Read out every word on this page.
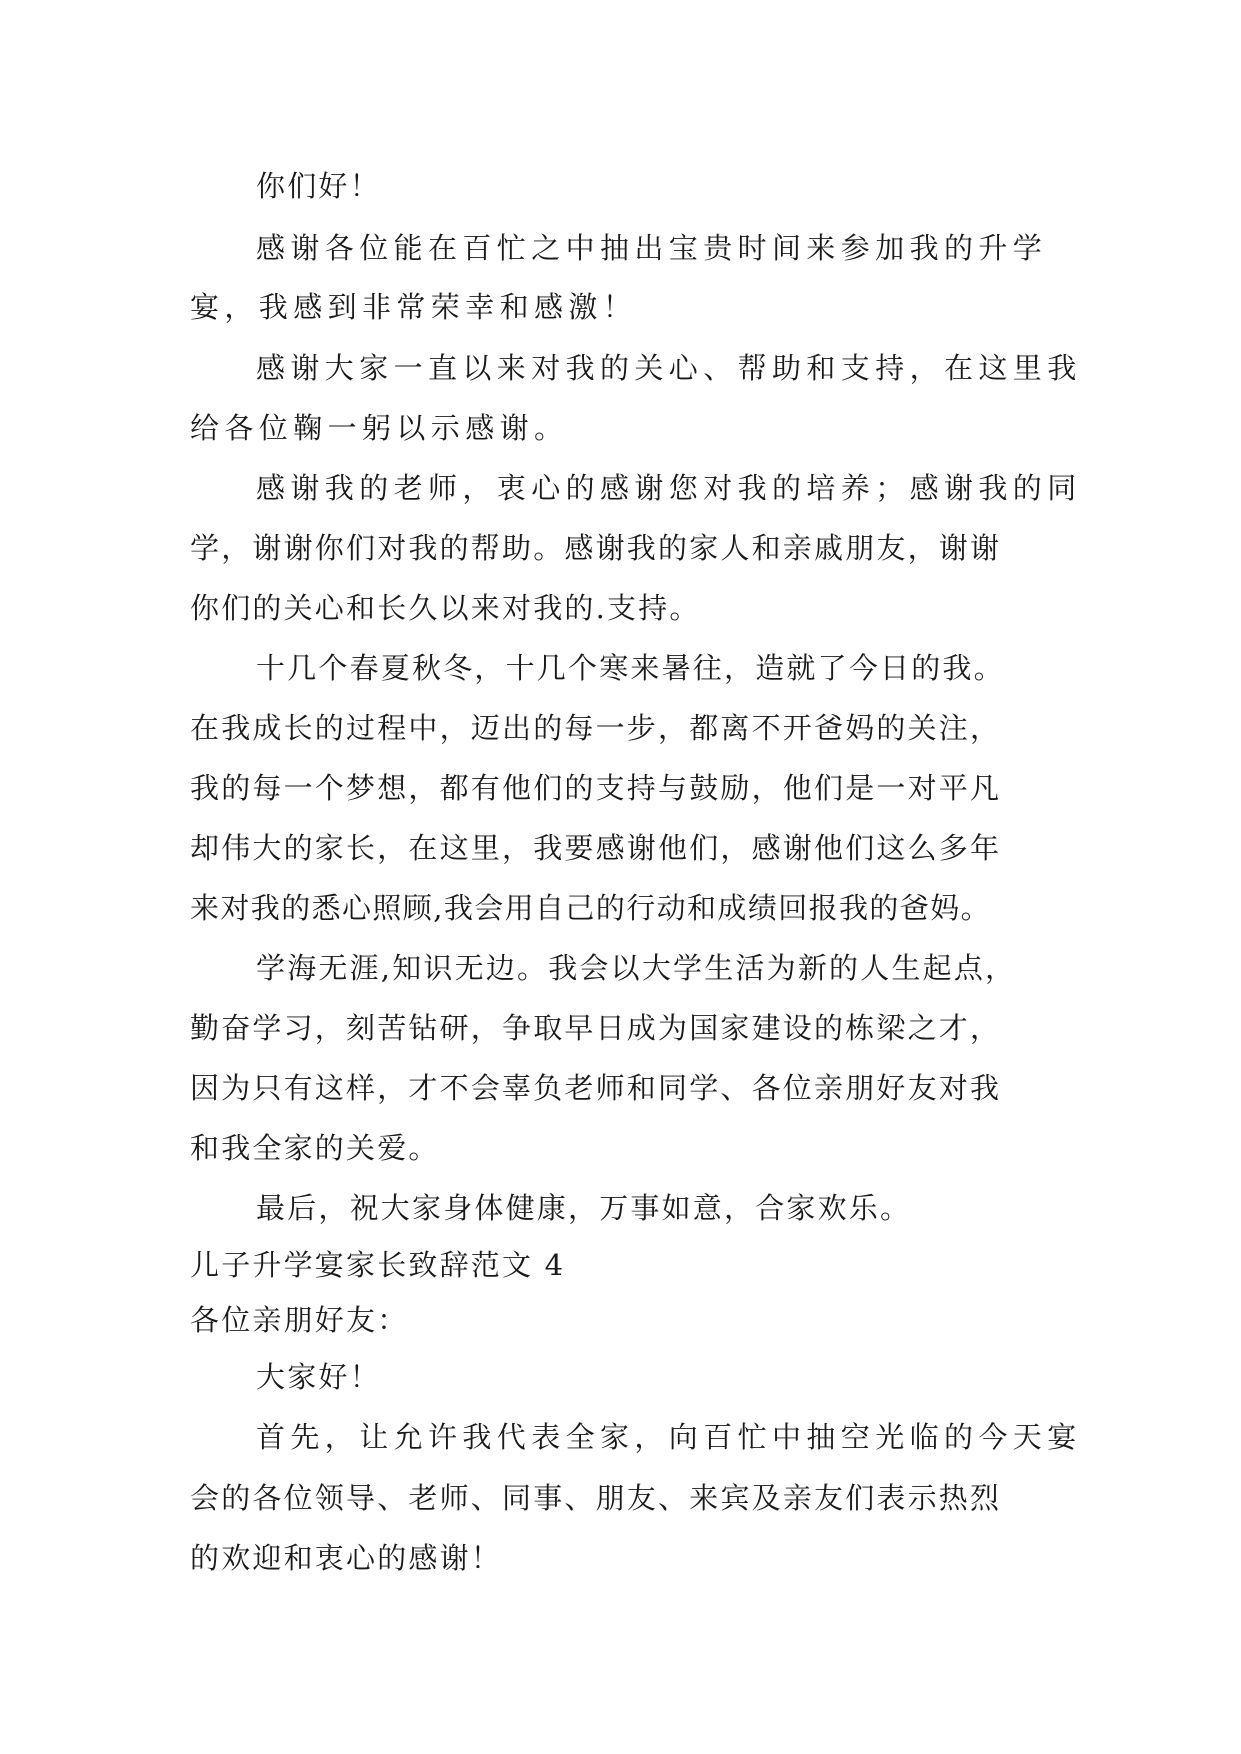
你们好！
感谢各位能在百忙之中抽出宝贵时间来参加我的升学
宴，我感到非常荣幸和感激！
感谢大家一直以来对我的关心、帮助和支持，在这里我
给各位鞠一躬以示感谢。
感谢我的老师，衷心的感谢您对我的培养；感谢我的同
学，谢谢你们对我的帮助。感谢我的家人和亲戚朋友，谢谢
你们的关心和长久以来对我的.支持。
十几个春夏秋冬，十几个寒来暑往，造就了今日的我。
在我成长的过程中，迈出的每一步，都离不开爸妈的关注，
我的每一个梦想，都有他们的支持与鼓励，他们是一对平凡
却伟大的家长，在这里，我要感谢他们，感谢他们这么多年
来对我的悉心照顾,我会用自己的行动和成绩回报我的爸妈。
学海无涯,知识无边。我会以大学生活为新的人生起点，
勤奋学习，刻苦钻研，争取早日成为国家建设的栋梁之才，
因为只有这样，才不会辜负老师和同学、各位亲朋好友对我
和我全家的关爱。
最后，祝大家身体健康，万事如意，合家欢乐。
儿子升学宴家长致辞范文 4
各位亲朋好友：
大家好！
首先，让允许我代表全家，向百忙中抽空光临的今天宴
会的各位领导、老师、同事、朋友、来宾及亲友们表示热烈
的欢迎和衷心的感谢！
